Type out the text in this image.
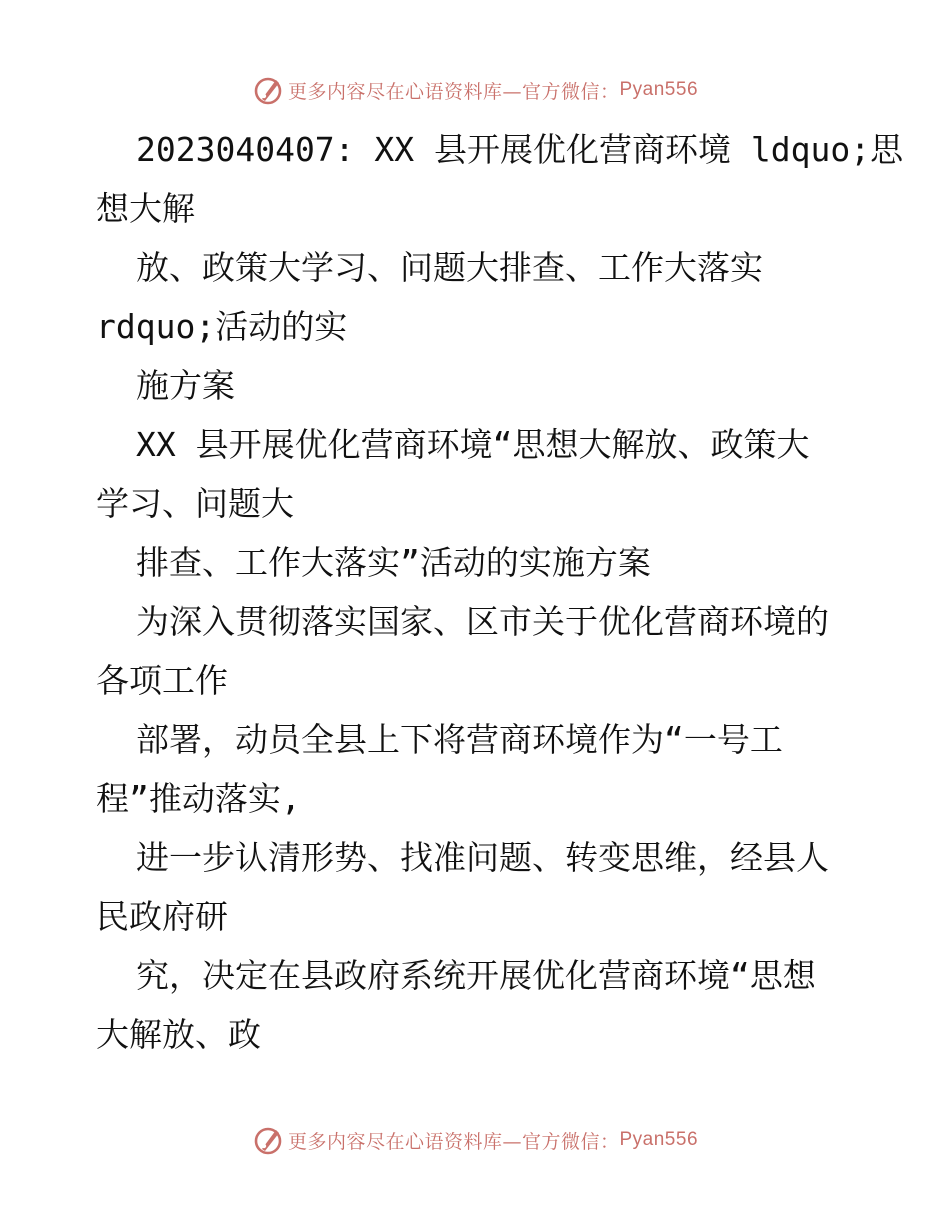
更多内容尽在心语资料库—官方微信： Pyan556
2023040407: XX 县开展优化营商环境 ldquo;思
想大解
放、政策大学习、问题大排查、工作大落实
rdquo;活动的实
施方案
XX 县开展优化营商环境“思想大解放、政策大
学习、问题大
排查、工作大落实”活动的实施方案
为深入贯彻落实国家、区市关于优化营商环境的
各项工作
部署，动员全县上下将营商环境作为“一号工
程”推动落实,
进一步认清形势、找准问题、转变思维，经县人
民政府研
究，决定在县政府系统开展优化营商环境“思想
大解放、政
更多内容尽在心语资料库—官方微信： Pyan556
